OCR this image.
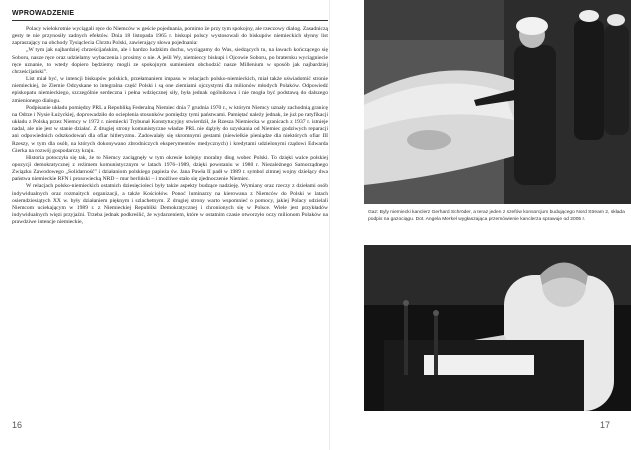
WPROWADZENIE

Polacy wielokrotnie wyciągali ręce do Niemców w geście pojednania, pomimo że przy tym spokojny, ale rzeczowy dialog. Zasadniczą gesty te nie przynosiły zadnych efektów. Dnia 18 listopada 1965 r. biskupi polscy wystosowali do biskupów niemieckich słynny list zapraszający na obchody Tysiąclecia Chrztu Polski, zawierający słowa pojednania:

„W tym jak najbardziej chrześcijańskim, ale i bardzo ludzkim duchu, wyciągamy do Was, siedzących tu, na ławach kończącego się Soboru, nasze ręce oraz udzielamy wybaczenia i prosimy o nie. A jeśli Wy, niemieccy biskupi i Ojcowie Soboru, po bratersku wyciągniecie ręce uznanie, to wtedy dopiero będziemy mogli ze spokojnym sumieniem obchodzić nasze Millenium w sposób jak najbardziej chrześcijański”.

List miał być, w intencji biskupów polskich, przełamaniem impasu w relacjach polsko-niemieckich, miał także uświadomić stronie niemieckiej, że Ziemie Odzyskane to integralna część Polski i są one ziemiami ojczystymi dla milionów młodych Polaków. Odpowiedź episkopatu niemieckiego, szczególnie serdeczna i pełna wdzięcznej siły, była jednak ogólnikowa i nie mogła być podstawą do dalszego zmienionego dialogu.

Podpisanie układu pomiędzy PRL a Republiką Federalną Niemiec dnia 7 grudnia 1970 r., w którym Niemcy uznały zachodnią granicę na Odrze i Nysie Łużyckiej, doprowadziło do ocieplenia stosunków pomiędzy tymi państwami. Pamiętać należy jednak, że już po ratyfikacji układu z Polską przez Niemcy w 1972 r. niemiecki Trybunał Konstytucyjny stwierdził, że Rzesza Niemiecka w granicach z 1937 r. istnieje nadal, ale nie jest w stanie działać. Z drugiej strony komunistyczne władze PRL nie dążyły do uzyskania od Niemiec godziwych reparacji ani odpowiednich odszkodowań dla ofiar hitleryzmu. Zadowalały się skromnymi gestami (niewielkie pieniądze dla niektórych ofiar III Rzeszy, w tym dla osób, na których dokonywano zbrodniczych eksperymentów medycznych) i kredytami udzielonymi rządowi Edwarda Gierka na rozwój gospodarczy kraju.

Historia potoczyła się tak, że to Niemcy zaciągnęły w tym okresie kolejny moralny dług wobec Polski. To dzięki walce polskiej opozycji demokratycznej z reżimem komunistycznym w latach 1976–1989, dzięki powstaniu w 1980 r. Niezależnego Samorządnego Związku Zawodowego „Solidarność” i działaniom polskiego papieża św. Jana Pawła II padł w 1989 r. symbol zimnej wojny dzielący dwa państwa niemieckie RFN i prosowiecką NRD – mur berliński – i możliwe stało się zjednoczenie Niemiec.

W relacjach polsko-niemieckich ostatnich dziesięcioleci były także aspekty budzące nadzieję. Wymiany oraz rzeczy z dziełami osób indywidualnych oraz rozmaitych organizacji, a także Kościołów. Ponoć luminarzy na kierowana z Niemców do Polski w latach osiemdziesiątych XX w. były działaniem pięknym i szlachetnym. Z drugiej strony warto wspomnieć o pomocy, jakiej Polacy udzielali Niemcom uciekającym w 1989 r. z Niemieckiej Republiki Demokratycznej i chronionych się w Polsce. Wiele jest przykładów indywidualnych więzi przyjaźni. Trzeba jednak podkreślić, że wydarzeniem, które w ostatnim czasie otworzyło oczy milionom Polaków na prawdziwe intencje niemieckie,

16
Gaz: Byly niemiecki kanclerz Gerhard Schröder, a teraz jeden z szefów konsorcjum budującego Nord Stream 2, składa podpis na gazociągu. Dot. Angela Merkel wygłaszająca przemówienie kanclerza sprawuje od 2005 r.
17
